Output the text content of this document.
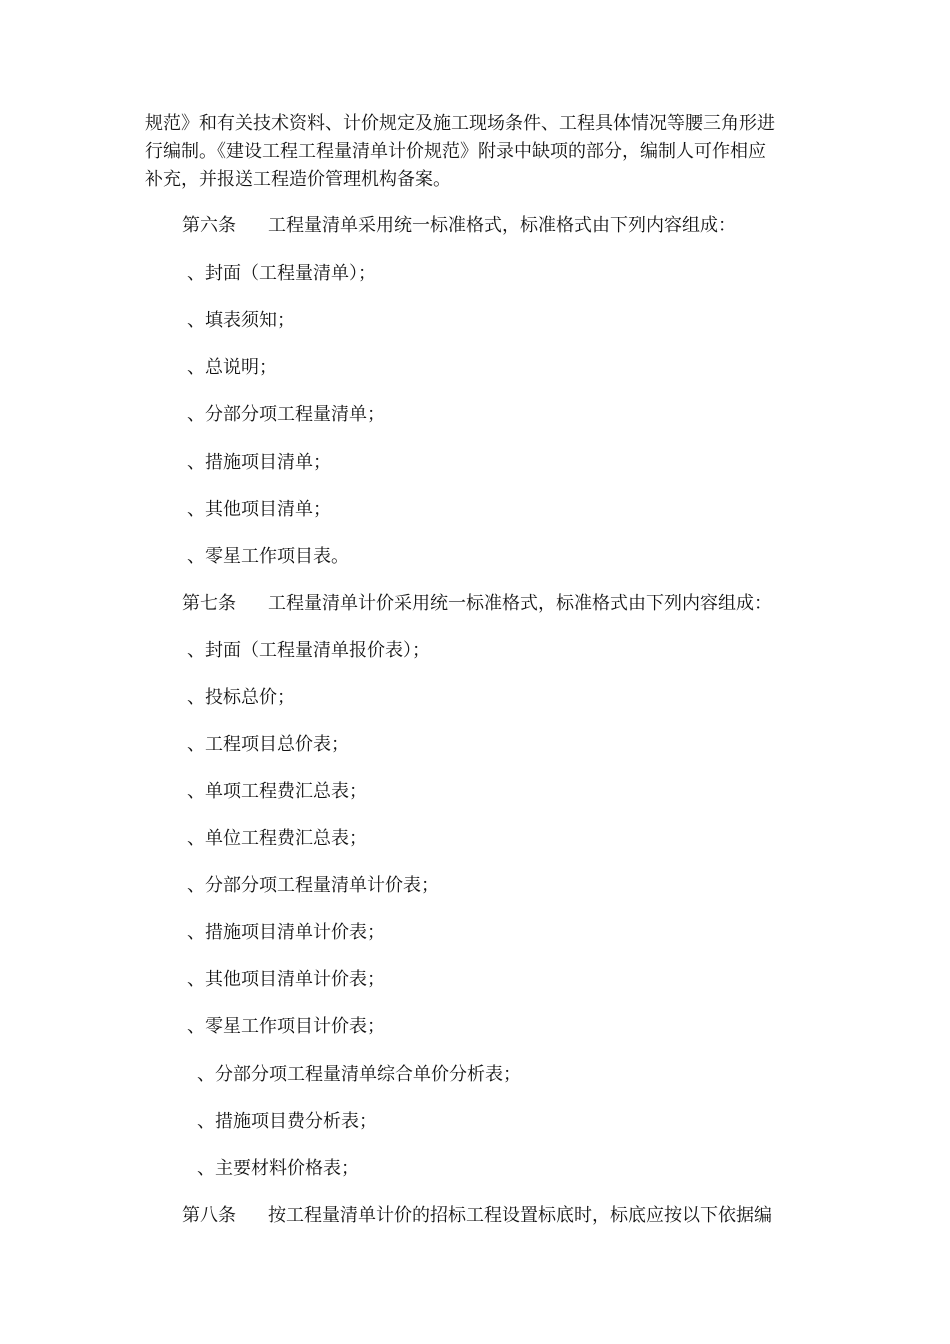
规范》和有关技术资料、计价规定及施工现场条件、工程具体情况等腰三角形进

行编制。《建设工程工程量清单计价规范》附录中缺项的部分，编制人可作相应

补充，并报送工程造价管理机构备案。

第六条 工程量清单采用统一标准格式，标准格式由下列内容组成：
、封面（工程量清单）；
、填表须知；
、总说明；
、分部分项工程量清单；
、措施项目清单；
、其他项目清单；
、零星工作项目表。
第七条 工程量清单计价采用统一标准格式，标准格式由下列内容组成：
、封面（工程量清单报价表）；
、投标总价；
、工程项目总价表；
、单项工程费汇总表；
、单位工程费汇总表；
、分部分项工程量清单计价表；
、措施项目清单计价表；
、其他项目清单计价表；
、零星工作项目计价表；
、分部分项工程量清单综合单价分析表；
、措施项目费分析表；
、主要材料价格表；
第八条 按工程量清单计价的招标工程设置标底时，标底应按以下依据编
